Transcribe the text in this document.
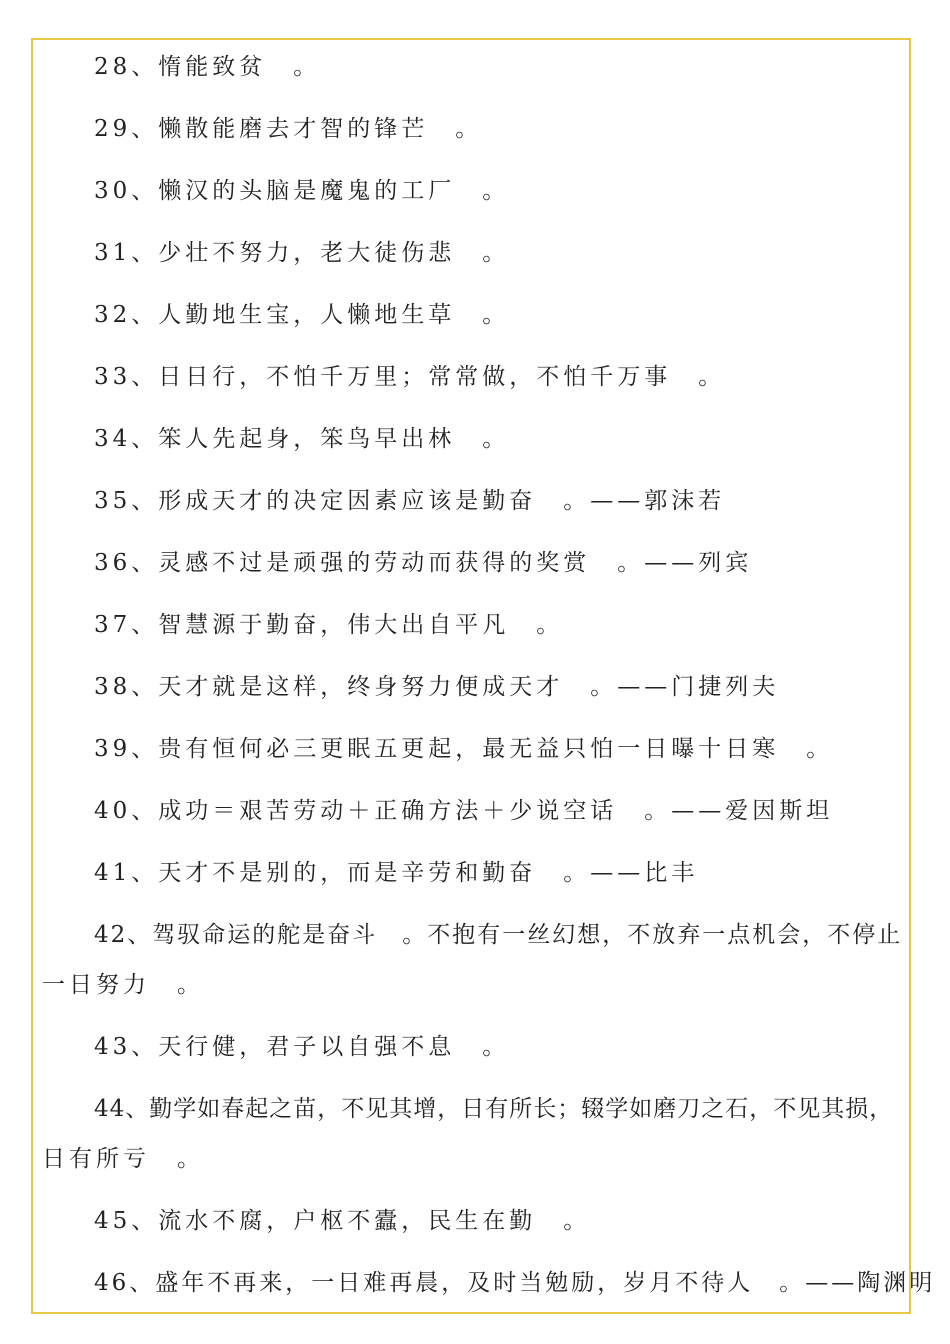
28、惰能致贫　。
29、懒散能磨去才智的锋芒　。
30、懒汉的头脑是魔鬼的工厂　。
31、少壮不努力，老大徒伤悲　。
32、人勤地生宝，人懒地生草　。
33、日日行，不怕千万里；常常做，不怕千万事　。
34、笨人先起身，笨鸟早出林　。
35、形成天才的决定因素应该是勤奋　。——郭沫若
36、灵感不过是顽强的劳动而获得的奖赏　。——列宾
37、智慧源于勤奋，伟大出自平凡　。
38、天才就是这样，终身努力便成天才　。——门捷列夫
39、贵有恒何必三更眠五更起，最无益只怕一日曝十日寒　。
40、成功＝艰苦劳动＋正确方法＋少说空话　。——爱因斯坦
41、天才不是别的，而是辛劳和勤奋　。——比丰
42、驾驭命运的舵是奋斗　。不抱有一丝幻想，不放弃一点机会，不停止
一日努力　。
43、天行健，君子以自强不息　。
44、勤学如春起之苗，不见其增，日有所长；辍学如磨刀之石，不见其损，
日有所亏　。
45、流水不腐，户枢不蠹，民生在勤　。
46、盛年不再来，一日难再晨，及时当勉励，岁月不待人　。——陶渊明
